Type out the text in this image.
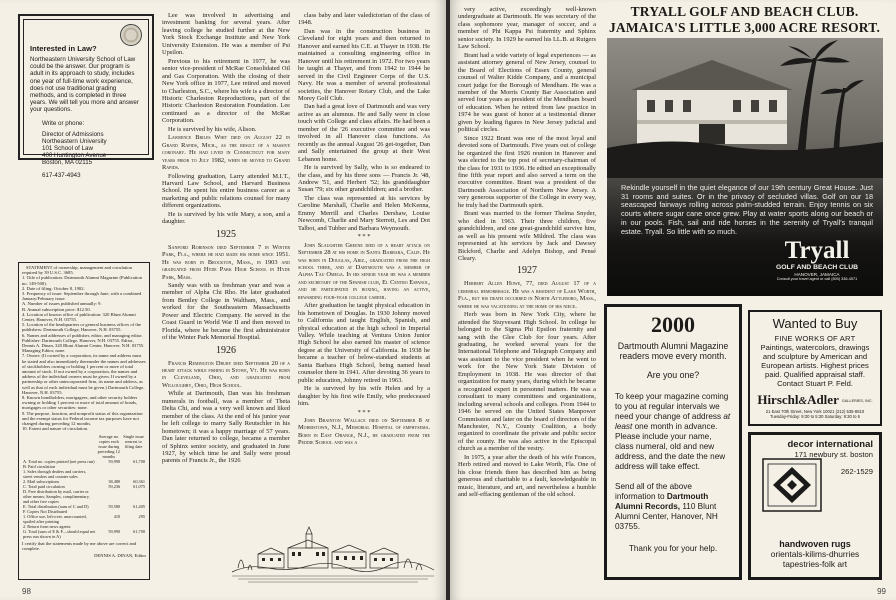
Interested in Law?
Northeastern University School of Law could be the answer. Our program is adult in its approach to study, includes one year of full-time work experience, does not use traditional grading methods, and is completed in three years. We will tell you more and answer your questions.
Write or phone:
Director of Admissions
Northeastern University
101 School of Law
400 Huntington Avenue
Boston, MA 02115
617-437-4943
STATEMENT of ownership, management and circulation required by 39 U.S.C. 3685.
1. Title of publication: Dartmouth Alumni Magazine (Publication no. 149-500).
2. Date of filing: October 8, 1982.
3. Frequency of issue: September through June, with a combined January/February issue.
A. Number of issues published annually: 9.
B. Annual subscription price: $12.50.
4. Location of known office of publication: 320 Blunt Alumni Center, Hanover, N.H. 03755.
5. Location of the headquarters or general business offices of the publishers: Dartmouth College, Hanover, N.H. 03755.
6. Names and addresses of publisher, editor, and managing editor. Publisher: Dartmouth College, Hanover, N.H. 03755. Editor, Dennis A. Dinan, 320 Blunt Alumni Center, Hanover, N.H. 03755. Managing Editor, none.
7. Owner: (If owned by a corporation, its name and address must be stated and also immediately thereunder the names and addresses of stockholders owning or holding 1 percent or more of total amount of stock. If not owned by a corporation, the names and address of the individual owners must be given. If owned by a partnership or other unincorporated firm, its name and address, as well as that of each individual must be given.) Dartmouth College, Hanover, N.H. 03755.
8. Known bondholders, mortgagees, and other security holders owning or holding 1 percent or more of total amount of bonds, mortgages or other securities: none.
9. The purpose, function, and nonprofit status of this organization and the exempt status for Federal income tax purposes have not changed during preceding 12 months.
10. Extent and nature of circulation.
	Average no. copies each issue during preceding 12 months	Single issue nearest to filing date
A. Total no. copies printed (net press run)	59,990	61,700
B. Paid circulation		
1. Sales through dealers and carriers, street vendors and counter sales		
2. Mail subscriptions	38,480	60,361
C. Total paid circulation	59,236	61,075
D. Free distribution by mail, carrier or other means; Samples, complimentary, and other free copies		
E. Total distribution (sum of C and D)	59,580	61,405
F. Copies Not Distributed		
1. Office use, left-over, unaccounted, spoiled after printing	410	295
2. Return from news agents		
G. Total (sum of E & F—should equal net press run shown in A)	59,990	61,700
I certify that the statements made by me above are correct and complete.
DENNIS A. DINAN, Editor

Lee was involved in advertising and investment banking for several years. After leaving college he studied further at the New York Stock Exchange Institute and New York University Extension. He was a member of Psi Upsilon.

Previous to his retirement in 1977, he was senior vice-president of McRae Consolidated Oil and Gas Corporation. With the closing of their New York office in 1977, Lee retired and moved to Charleston, S.C., where his wife is a director of Historic Charleston Reproductions, part of the Historic Charleston Restoration Foundation. Lee continued as a director of the McRae Corporation.

He is survived by his wife, Alison.

Lawrence Briles Whit died on August 22 in Grand Rapids, Mich., as the result of a massive coronary. He had lived in Connecticut for many years prior to July 1982, when he moved to Grand Rapids.

Following graduation, Larry attended M.I.T., Harvard Law School, and Harvard Business School. He spent his entire business career as a marketing and public relations counsel for many different organizations.

He is survived by his wife Mary, a son, and a daughter.

1925

Sanford Robinson died September 7 in Winter Park, Fla., where he had made his home since 1951. He was born in Brockton, Mass., in 1903 and graduated from Hyde Park High School in Hyde Park, Mass.

Sandy was with us freshman year and was a member of Alpha Chi Rho. He later graduated from Bentley College in Waltham, Mass., and worked for the Southeastern Massachusetts Power and Electric Company. He served in the Coast Guard in World War II and then moved to Florida, where he became the first administrator of the Winter Park Memorial Hospital.

1926

Francis Remington Drury died September 20 of a heart attack while fishing in Stowe, Vt. He was born in Cleveland, Ohio, and graduated from Willoughby, Ohio, High School.

While at Dartmouth, Dan was his freshman numerals in football, was a member of Theta Delta Chi, and was a very well known and liked member of the class. At the end of his junior year he left college to marry Sally Reutschler in his hometown; it was a happy marriage of 57 years. Dan later returned to college, became a member of Sphinx senior society, and graduated in June 1927, by which time he and Sally were proud parents of Francis Jr., the 1926

class baby and later valedictorian of the class of 1948.

Dan was in the construction business in Cleveland for eight years and then returned to Hanover and earned his C.E. at Thayer in 1938. He maintained a consulting engineering office in Hanover until his retirement in 1972. For two years he taught at Thayer, and from 1942 to 1944 he served in the Civil Engineer Corps of the U.S. Navy. He was a member of several professional societies, the Hanover Rotary Club, and the Lake Morey Golf Club.

Dan had a great love of Dartmouth and was very active as an alumnus. He and Sally were in close touch with College and class affairs. He had been a member of the '26 executive committee and was involved in all Hanover class functions. As recently as the annual August '26 get-together, Dan and Sally entertained the group at their West Lebanon home.

He is survived by Sally, who is so endeared to the class, and by his three sons — Francis Jr. '48, Andrew '51, and Herbert '52; his granddaughter Susan '79; six other grandchildren; and a brother.

The class was represented at his services by Caroline Marshall, Charlie and Helen McKenna, Emmy Merrill and Charles Dershaw, Louise Newcomb, Charlie and Mary Sterrett, Les and Dot Talbot, and Tubber and Barbara Weymouth.

* * *

John Slaughter Greene died of a heart attack on September 28 at his home in Santa Barbara, Calif. He was born in Douglas, Ariz., graduated from the high school there, and at Dartmouth was a member of Alpha Tau Omega. In his senior year he was a member and secretary of the Spanish club, El Centro Espanol, and he participated in boxing, having an active, rewarding four-year college career.

After graduation he taught physical education in his hometown of Douglas. In 1930 Johnny moved to California and taught English, Spanish, and physical education at the high school in Imperial Valley. While teaching at Ventura Union Junior High School he also earned his master of science degree at the University of California. In 1938 he became a teacher of below-standard students at Santa Barbara High School, being named head counselor there in 1941. After devoting 36 years to public education, Johnny retired in 1963.

He is survived by his wife Helen and by a daughter by his first wife Emily, who predeceased him.

* * *

John Brainton Wallace died on September 8 at Morristown, N.J., Memorial Hospital of emphysema. Born in East Orange, N.J., he graduated from the Peddie School and was a

98

very active, exceedingly well-known undergraduate at Dartmouth. He was secretary of the class sophomore year, manager of soccer, and a member of Phi Kappa Psi fraternity and Sphinx senior society. In 1929 he earned his LL.B. at Rutgers Law School.

Brant had a wide variety of legal experiences — as assistant attorney general of New Jersey, counsel to the Board of Elections of Essex County, general counsel of Walter Kidde Company, and a municipal court judge for the Borough of Mendham. He was a member of the Morris County Bar Association and served four years as president of the Mendham board of education. When he retired from law practice in 1974 he was guest of honor at a testimonial dinner given by leading figures in New Jersey judicial and political circles.

Since 1922 Brant was one of the most loyal and devoted sons of Dartmouth. Five years out of college he organized the first 1926 reunion in Hanover and was elected to the top post of secretary-chairman of the class for 1931 to 1936. He edited an exceptionally fine fifth year report and also served a term on the executive committee. Brant was a president of the Dartmouth Association of Northern New Jersey. A very generous supporter of the College in every way, he truly had the Dartmouth spirit.

Brant was married to the former Thelma Snyder, who died in 1963. Their three children, five grandchildren, and one great-grandchild survive him, as well as his present wife Mildred. The class was represented at his services by Jack and Dawsey Bickford, Charlie and Adelyn Bishop, and Pensé Cleary.

1927

Herbert Allen Howe, 77, died August 17 of a cerebral hemorrhage. He was a resident of Lake Worth, Fla., but his death occurred in North Attleboro, Mass., where he was vacationing at the home of his niece.

Herb was born in New York City, where he attended the Stuyvesant High School. In college he belonged to the Sigma Phi Epsilon fraternity and sang with the Glee Club for four years. After graduating, he worked several years for the International Telephone and Telegraph Company and was assistant to the vice president when he went to work for the New York State Division of Employment in 1938. He was director of that organization for many years, during which he became a recognized expert in personnel matters. He was a consultant to many committees and organizations, including several schools and colleges. From 1944 to 1946 he served on the United States Manpower Commission and later on the board of directors of the Manchester, N.Y., County Coalition, a body organized to coordinate the private and public sector of the county. He was also active in the Episcopal church as a member of the vestry.

In 1975, a year after the death of his wife Frances, Herb retired and moved to Lake Worth, Fla. One of his close friends there has described him as being generous and charitable to a fault, knowledgeable in music, literature, and art, and nevertheless a humble and self-effacing gentleman of the old school.

TRYALL GOLF AND BEACH CLUB.
JAMAICA'S LITTLE 3,000 ACRE RESORT.
Rekindle yourself in the quiet elegance of our 19th century Great House. Just 31 rooms and suites. Or in the privacy of secluded villas. Golf on our 18 seascaped fairways rolling across palm-studded terrain. Enjoy tennis on six courts where sugar cane once grew. Play at water sports along our beach or in our pools. Fish, sail and ride horses in the serenity of Tryall's tranquil estate. Tryall. So little with so much.
Tryall
GOLF AND BEACH CLUB
HANOVER, JAMAICA
Consult your travel agent or call (800) 336-4571
2000
Dartmouth Alumni Magazine readers move every month.
Are you one?
To keep your magazine coming to you at regular intervals we need your change of address at least one month in advance. Please include your name, class numeral, old and new address, and the date the new address will take effect.
Send all of the above information to Dartmouth Alumni Records, 110 Blunt Alumni Center, Hanover, NH 03755.
Thank you for your help.
Wanted to Buy
FINE WORKS OF ART
Paintings, watercolors, drawings and sculpture by American and European artists. Highest prices paid. Qualified appraisal staff. Contact Stuart P. Feld.
Hirschl&Adler GALLERIES, INC.
21 East 70th Street, New York 10021 (212) 535-8810
Tuesday-Friday: 9:30 to 5:30 Saturday: 9:30 to 5
decor international
171 newbury st. boston
262-1529
handwoven rugs
orientals-kilims-dhurries
tapestries-folk art
99
